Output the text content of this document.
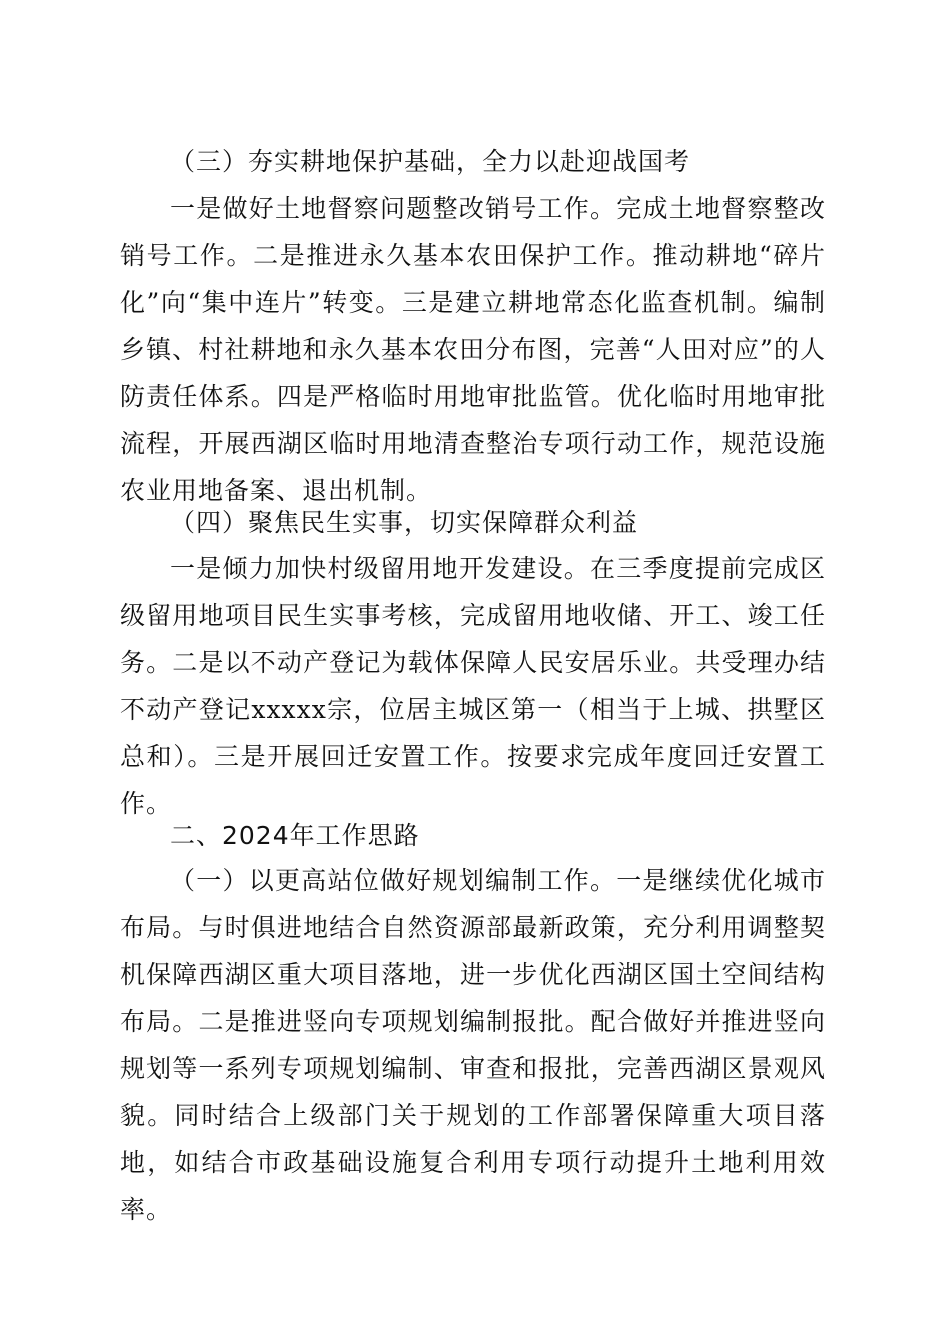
（三）夯实耕地保护基础，全力以赴迎战国考

一是做好土地督察问题整改销号工作。完成土地督察整改销号工作。二是推进永久基本农田保护工作。推动耕地“碎片化”向“集中连片”转变。三是建立耕地常态化监查机制。编制乡镇、村社耕地和永久基本农田分布图，完善“人田对应”的人防责任体系。四是严格临时用地审批监管。优化临时用地审批流程，开展西湖区临时用地清查整治专项行动工作，规范设施农业用地备案、退出机制。

（四）聚焦民生实事，切实保障群众利益

一是倾力加快村级留用地开发建设。在三季度提前完成区级留用地项目民生实事考核，完成留用地收储、开工、竣工任务。二是以不动产登记为载体保障人民安居乐业。共受理办结不动产登记xxxxx宗，位居主城区第一（相当于上城、拱墅区总和）。三是开展回迁安置工作。按要求完成年度回迁安置工作。

二、2024年工作思路

（一）以更高站位做好规划编制工作。一是继续优化城市布局。与时俱进地结合自然资源部最新政策，充分利用调整契机保障西湖区重大项目落地，进一步优化西湖区国土空间结构布局。二是推进竖向专项规划编制报批。配合做好并推进竖向规划等一系列专项规划编制、审查和报批，完善西湖区景观风貌。同时结合上级部门关于规划的工作部署保障重大项目落地，如结合市政基础设施复合利用专项行动提升土地利用效率。
